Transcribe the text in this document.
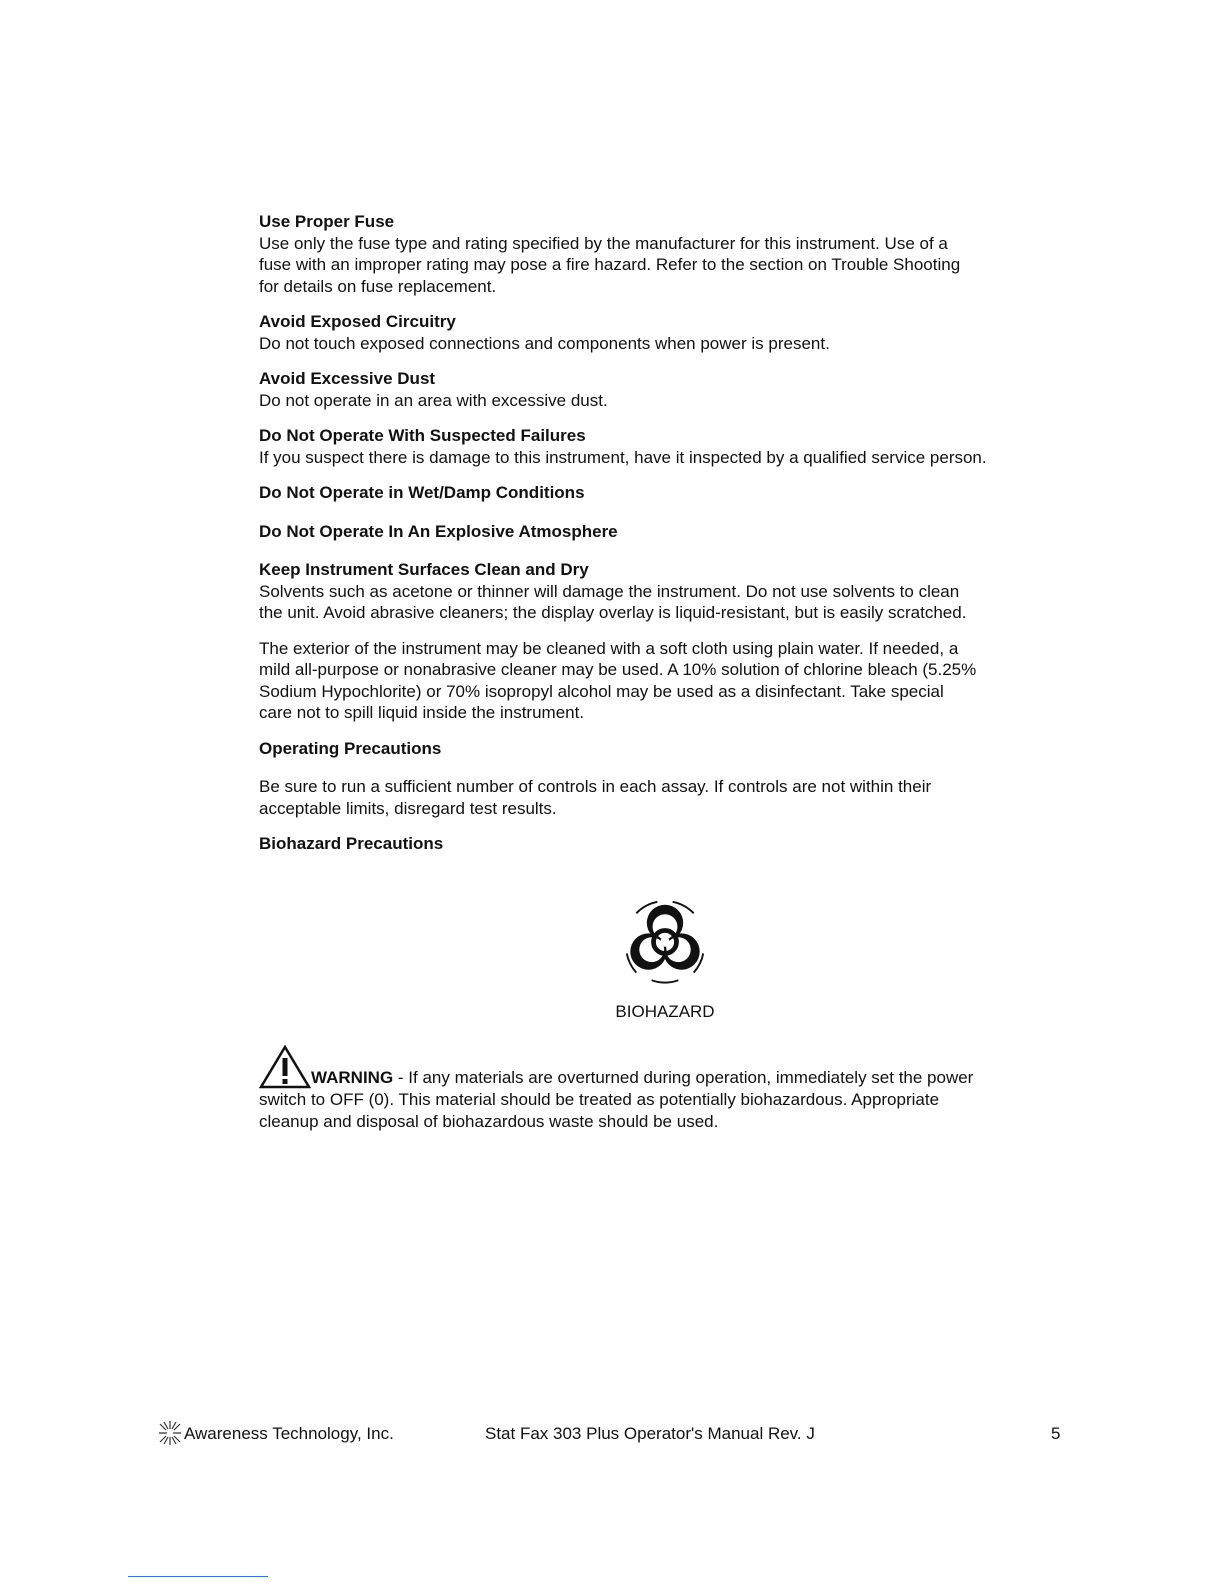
Use Proper Fuse
Use only the fuse type and rating specified by the manufacturer for this instrument. Use of a
fuse with an improper rating may pose a fire hazard. Refer to the section on Trouble Shooting
for details on fuse replacement.
Avoid Exposed Circuitry
Do not touch exposed connections and components when power is present.
Avoid Excessive Dust
Do not operate in an area with excessive dust.
Do Not Operate With Suspected Failures
If you suspect there is damage to this instrument, have it inspected by a qualified service person.
Do Not Operate in Wet/Damp Conditions
Do Not Operate In An Explosive Atmosphere
Keep Instrument Surfaces Clean and Dry
Solvents such as acetone or thinner will damage the instrument. Do not use solvents to clean
the unit. Avoid abrasive cleaners; the display overlay is liquid-resistant, but is easily scratched.
The exterior of the instrument may be cleaned with a soft cloth using plain water. If needed, a
mild all-purpose or nonabrasive cleaner may be used. A 10% solution of chlorine bleach (5.25%
Sodium Hypochlorite) or 70% isopropyl alcohol may be used as a disinfectant. Take special
care not to spill liquid inside the instrument.
Operating Precautions
Be sure to run a sufficient number of controls in each assay. If controls are not within their
acceptable limits, disregard test results.
Biohazard Precautions
BIOHAZARD
WARNING - If any materials are overturned during operation, immediately set the power
switch to OFF (0). This material should be treated as potentially biohazardous. Appropriate
cleanup and disposal of biohazardous waste should be used.
Awareness Technology, Inc.	Stat Fax 303 Plus Operator's Manual Rev. J	5
